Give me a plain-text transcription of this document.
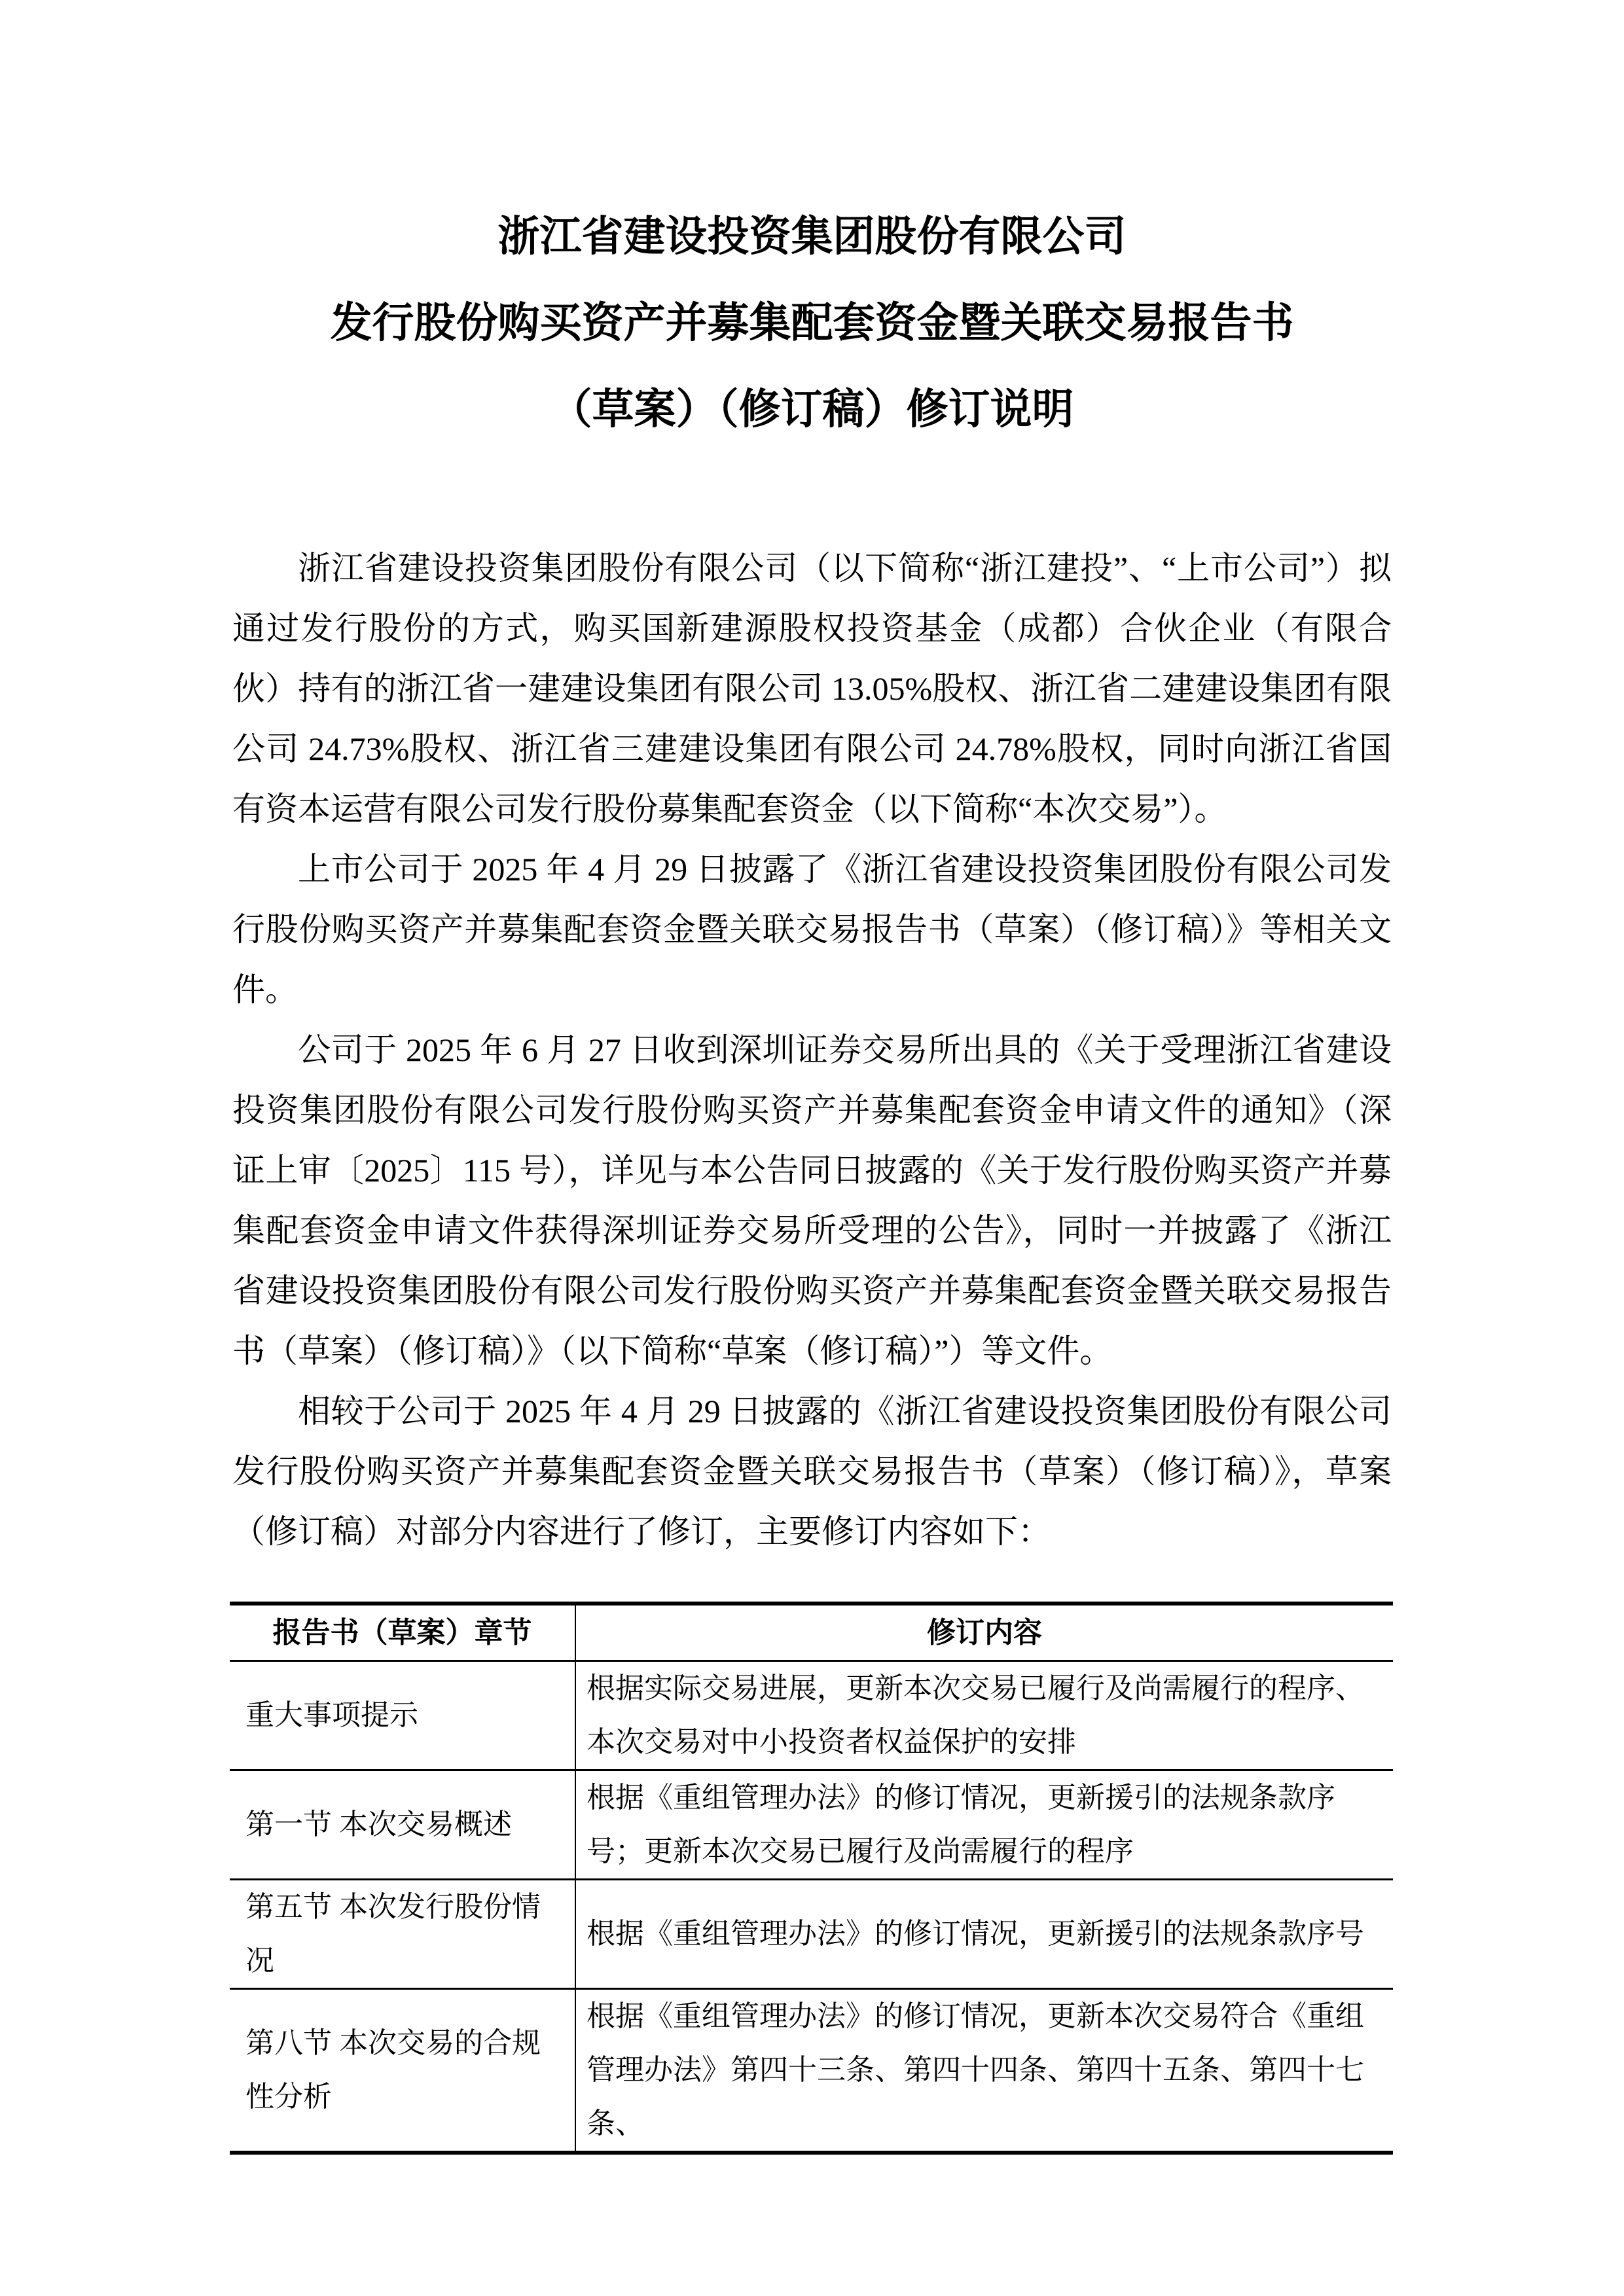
浙江省建设投资集团股份有限公司
发行股份购买资产并募集配套资金暨关联交易报告书
（草案）（修订稿）修订说明

浙江省建设投资集团股份有限公司（以下简称“浙江建投”、“上市公司”）拟通过发行股份的方式，购买国新建源股权投资基金（成都）合伙企业（有限合伙）持有的浙江省一建建设集团有限公司 13.05%股权、浙江省二建建设集团有限公司 24.73%股权、浙江省三建建设集团有限公司 24.78%股权，同时向浙江省国有资本运营有限公司发行股份募集配套资金（以下简称“本次交易”）。

上市公司于 2025 年 4 月 29 日披露了《浙江省建设投资集团股份有限公司发行股份购买资产并募集配套资金暨关联交易报告书（草案）（修订稿）》等相关文件。

公司于 2025 年 6 月 27 日收到深圳证券交易所出具的《关于受理浙江省建设投资集团股份有限公司发行股份购买资产并募集配套资金申请文件的通知》（深证上审〔2025〕115 号），详见与本公告同日披露的《关于发行股份购买资产并募集配套资金申请文件获得深圳证券交易所受理的公告》，同时一并披露了《浙江省建设投资集团股份有限公司发行股份购买资产并募集配套资金暨关联交易报告书（草案）（修订稿）》（以下简称“草案（修订稿）”）等文件。

相较于公司于 2025 年 4 月 29 日披露的《浙江省建设投资集团股份有限公司发行股份购买资产并募集配套资金暨关联交易报告书（草案）（修订稿）》，草案（修订稿）对部分内容进行了修订，主要修订内容如下：

报告书（草案）章节	修订内容
重大事项提示	根据实际交易进展，更新本次交易已履行及尚需履行的程序、本次交易对中小投资者权益保护的安排
第一节 本次交易概述	根据《重组管理办法》的修订情况，更新援引的法规条款序号；更新本次交易已履行及尚需履行的程序
第五节 本次发行股份情况	根据《重组管理办法》的修订情况，更新援引的法规条款序号
第八节 本次交易的合规性分析	根据《重组管理办法》的修订情况，更新本次交易符合《重组管理办法》第四十三条、第四十四条、第四十五条、第四十七条、
